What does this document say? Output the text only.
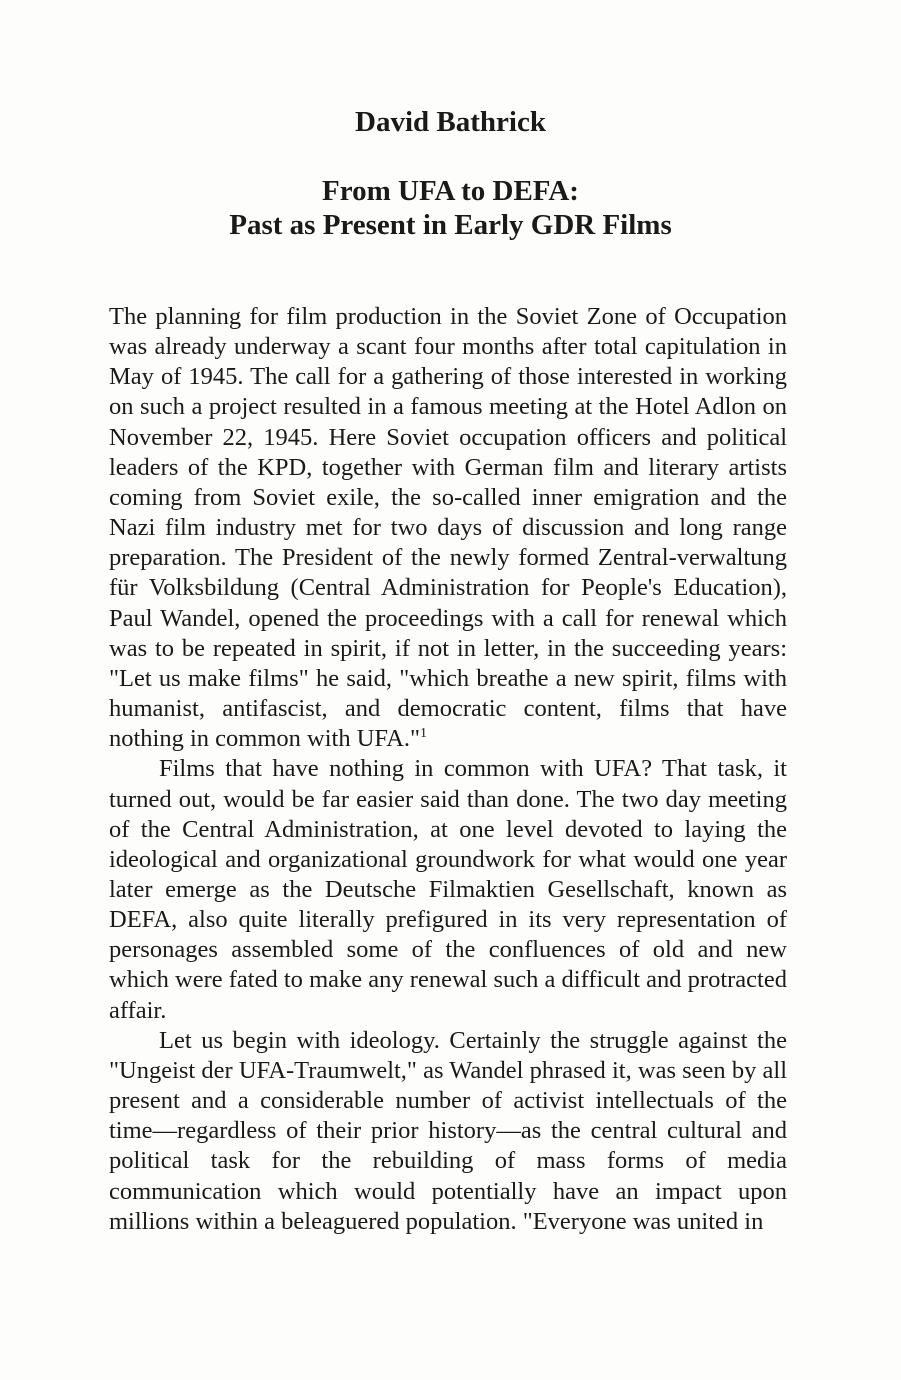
David Bathrick
From UFA to DEFA:
Past as Present in Early GDR Films

The planning for film production in the Soviet Zone of Occupation was already underway a scant four months after total capitulation in May of 1945. The call for a gathering of those interested in working on such a project resulted in a famous meeting at the Hotel Adlon on November 22, 1945. Here Soviet occupation officers and political leaders of the KPD, together with German film and literary artists coming from Soviet exile, the so-called inner emigration and the Nazi film industry met for two days of discussion and long range preparation. The President of the newly formed Zentral-verwaltung für Volksbildung (Central Administration for People's Education), Paul Wandel, opened the proceedings with a call for renewal which was to be repeated in spirit, if not in letter, in the succeeding years: "Let us make films" he said, "which breathe a new spirit, films with humanist, antifascist, and democratic content, films that have nothing in common with UFA."$^1$

Films that have nothing in common with UFA? That task, it turned out, would be far easier said than done. The two day meeting of the Central Administration, at one level devoted to laying the ideological and organizational groundwork for what would one year later emerge as the Deutsche Filmaktien Gesellschaft, known as DEFA, also quite literally prefigured in its very representation of personages assembled some of the confluences of old and new which were fated to make any renewal such a difficult and protracted affair.

Let us begin with ideology. Certainly the struggle against the "Ungeist der UFA-Traumwelt," as Wandel phrased it, was seen by all present and a considerable number of activist intellectuals of the time—regardless of their prior history—as the central cultural and political task for the rebuilding of mass forms of media communication which would potentially have an impact upon millions within a beleaguered population. "Everyone was united in
